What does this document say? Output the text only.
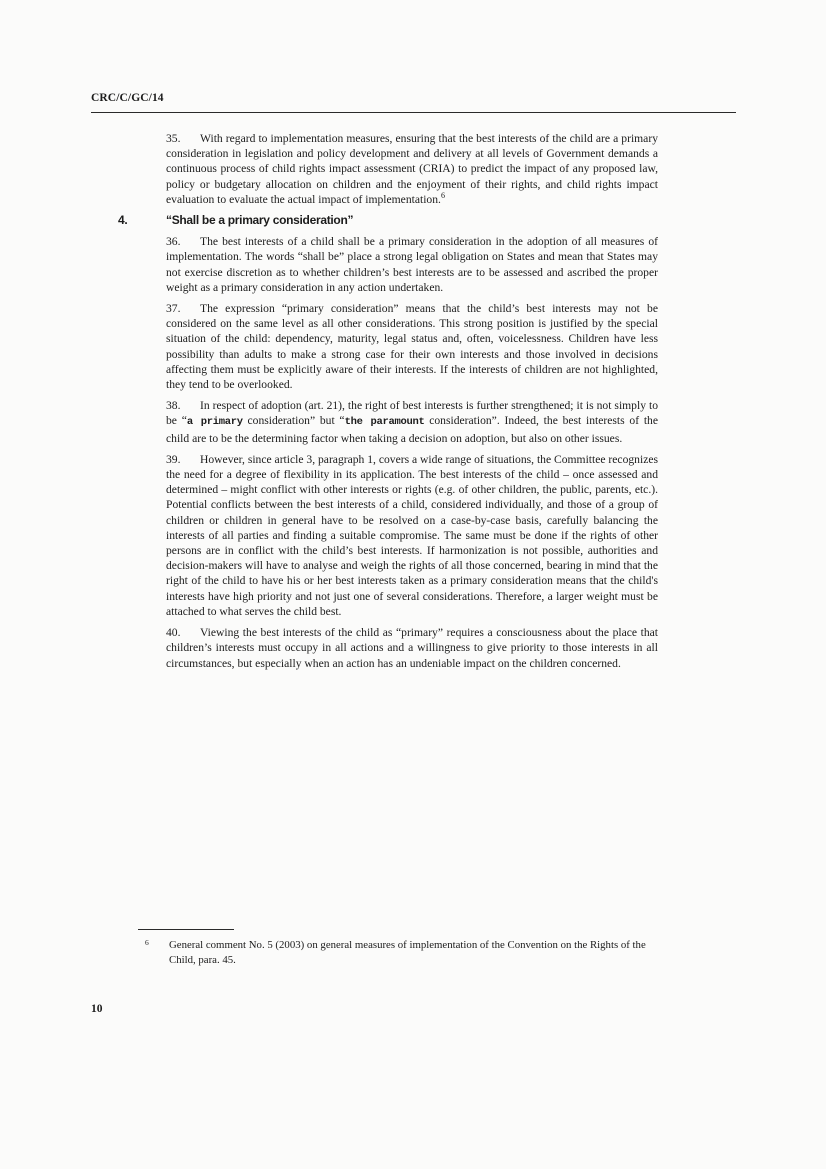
CRC/C/GC/14

35. With regard to implementation measures, ensuring that the best interests of the child are a primary consideration in legislation and policy development and delivery at all levels of Government demands a continuous process of child rights impact assessment (CRIA) to predict the impact of any proposed law, policy or budgetary allocation on children and the enjoyment of their rights, and child rights impact evaluation to evaluate the actual impact of implementation.$^6$

4.	“Shall be a primary consideration”

36. The best interests of a child shall be a primary consideration in the adoption of all measures of implementation. The words “shall be” place a strong legal obligation on States and mean that States may not exercise discretion as to whether children’s best interests are to be assessed and ascribed the proper weight as a primary consideration in any action undertaken.

37. The expression “primary consideration” means that the child’s best interests may not be considered on the same level as all other considerations. This strong position is justified by the special situation of the child: dependency, maturity, legal status and, often, voicelessness. Children have less possibility than adults to make a strong case for their own interests and those involved in decisions affecting them must be explicitly aware of their interests. If the interests of children are not highlighted, they tend to be overlooked.

38. In respect of adoption (art. 21), the right of best interests is further strengthened; it is not simply to be “a primary consideration” but “the paramount consideration”. Indeed, the best interests of the child are to be the determining factor when taking a decision on adoption, but also on other issues.

39. However, since article 3, paragraph 1, covers a wide range of situations, the Committee recognizes the need for a degree of flexibility in its application. The best interests of the child – once assessed and determined – might conflict with other interests or rights (e.g. of other children, the public, parents, etc.). Potential conflicts between the best interests of a child, considered individually, and those of a group of children or children in general have to be resolved on a case-by-case basis, carefully balancing the interests of all parties and finding a suitable compromise. The same must be done if the rights of other persons are in conflict with the child’s best interests. If harmonization is not possible, authorities and decision-makers will have to analyse and weigh the rights of all those concerned, bearing in mind that the right of the child to have his or her best interests taken as a primary consideration means that the child's interests have high priority and not just one of several considerations. Therefore, a larger weight must be attached to what serves the child best.

40. Viewing the best interests of the child as “primary” requires a consciousness about the place that children’s interests must occupy in all actions and a willingness to give priority to those interests in all circumstances, but especially when an action has an undeniable impact on the children concerned.

6	General comment No. 5 (2003) on general measures of implementation of the Convention on the Rights of the Child, para. 45.
10
